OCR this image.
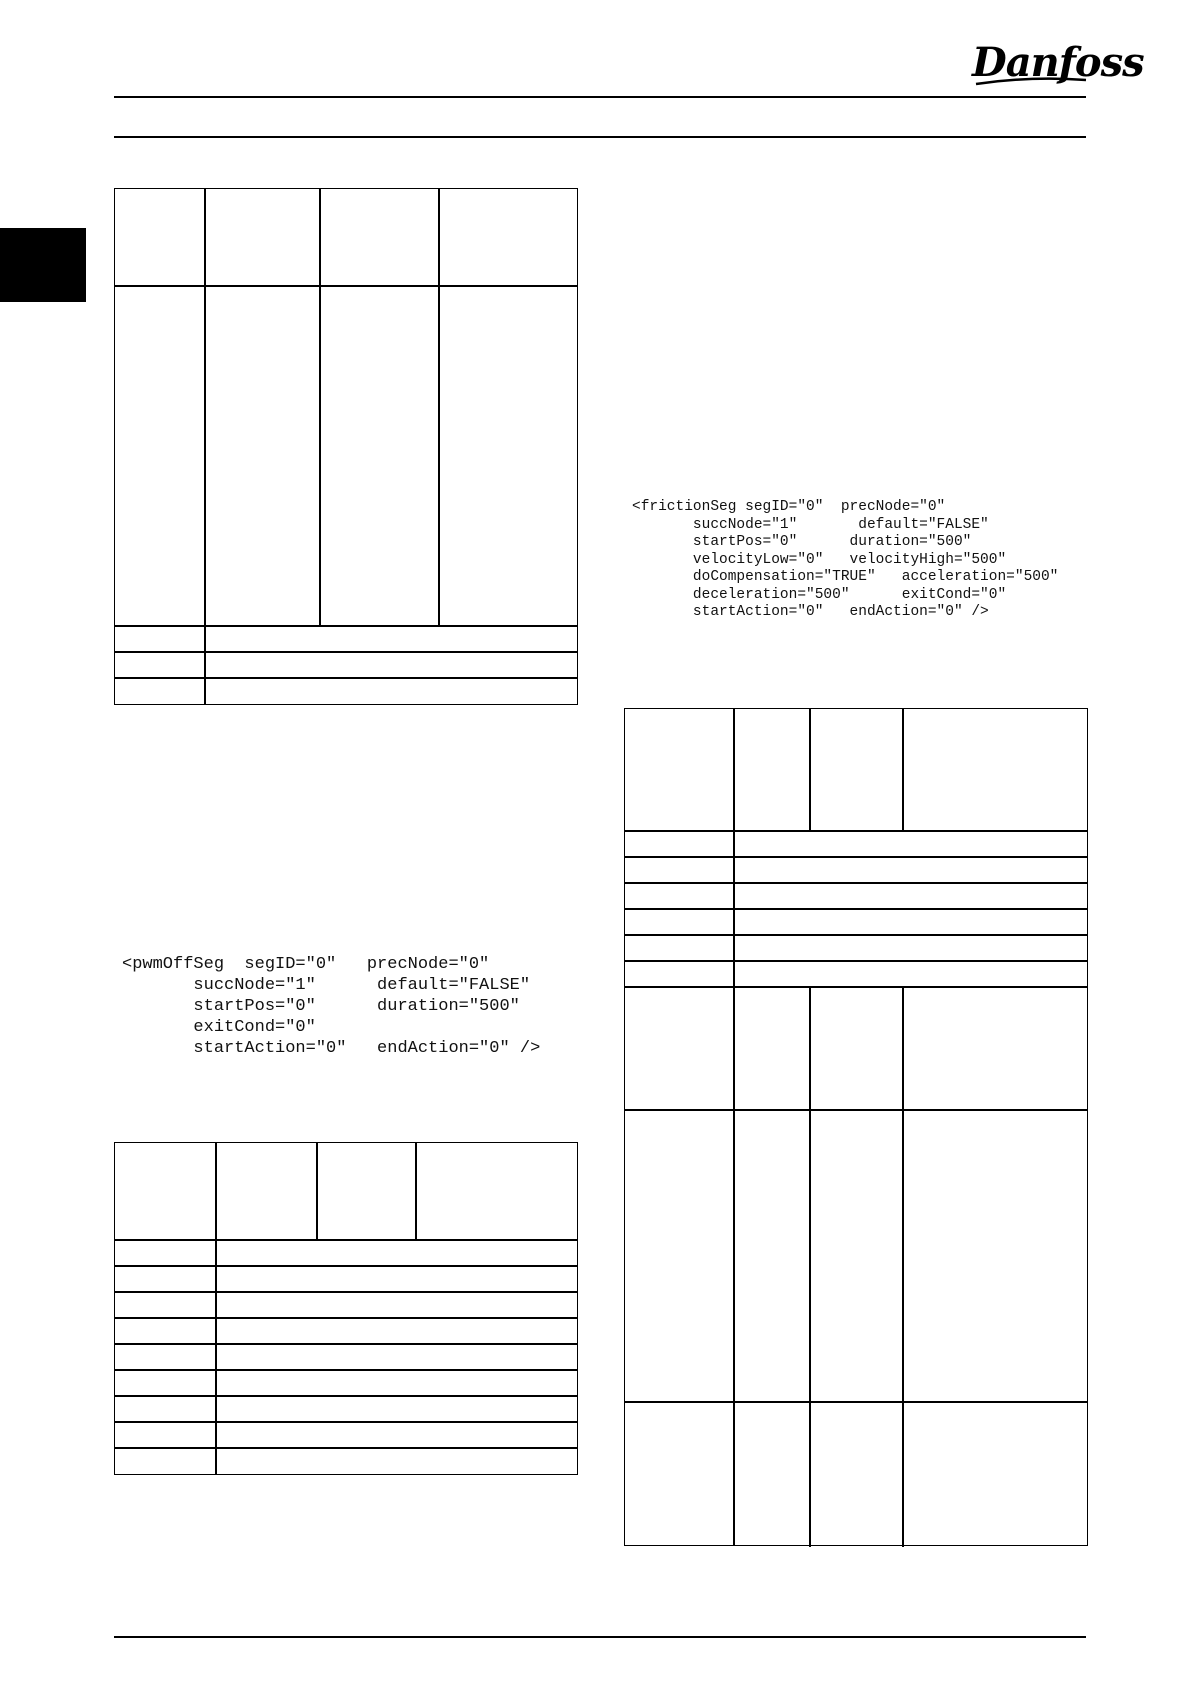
Danfoss
<frictionSeg segID="0"  precNode="0"
succNode="1"       default="FALSE"
startPos="0"      duration="500"
velocityLow="0"   velocityHigh="500"
doCompensation="TRUE"   acceleration="500"
deceleration="500"      exitCond="0"
startAction="0"   endAction="0" />
<pwmOffSeg  segID="0"   precNode="0"
succNode="1"      default="FALSE"
startPos="0"      duration="500"
exitCond="0"
startAction="0"   endAction="0" />
